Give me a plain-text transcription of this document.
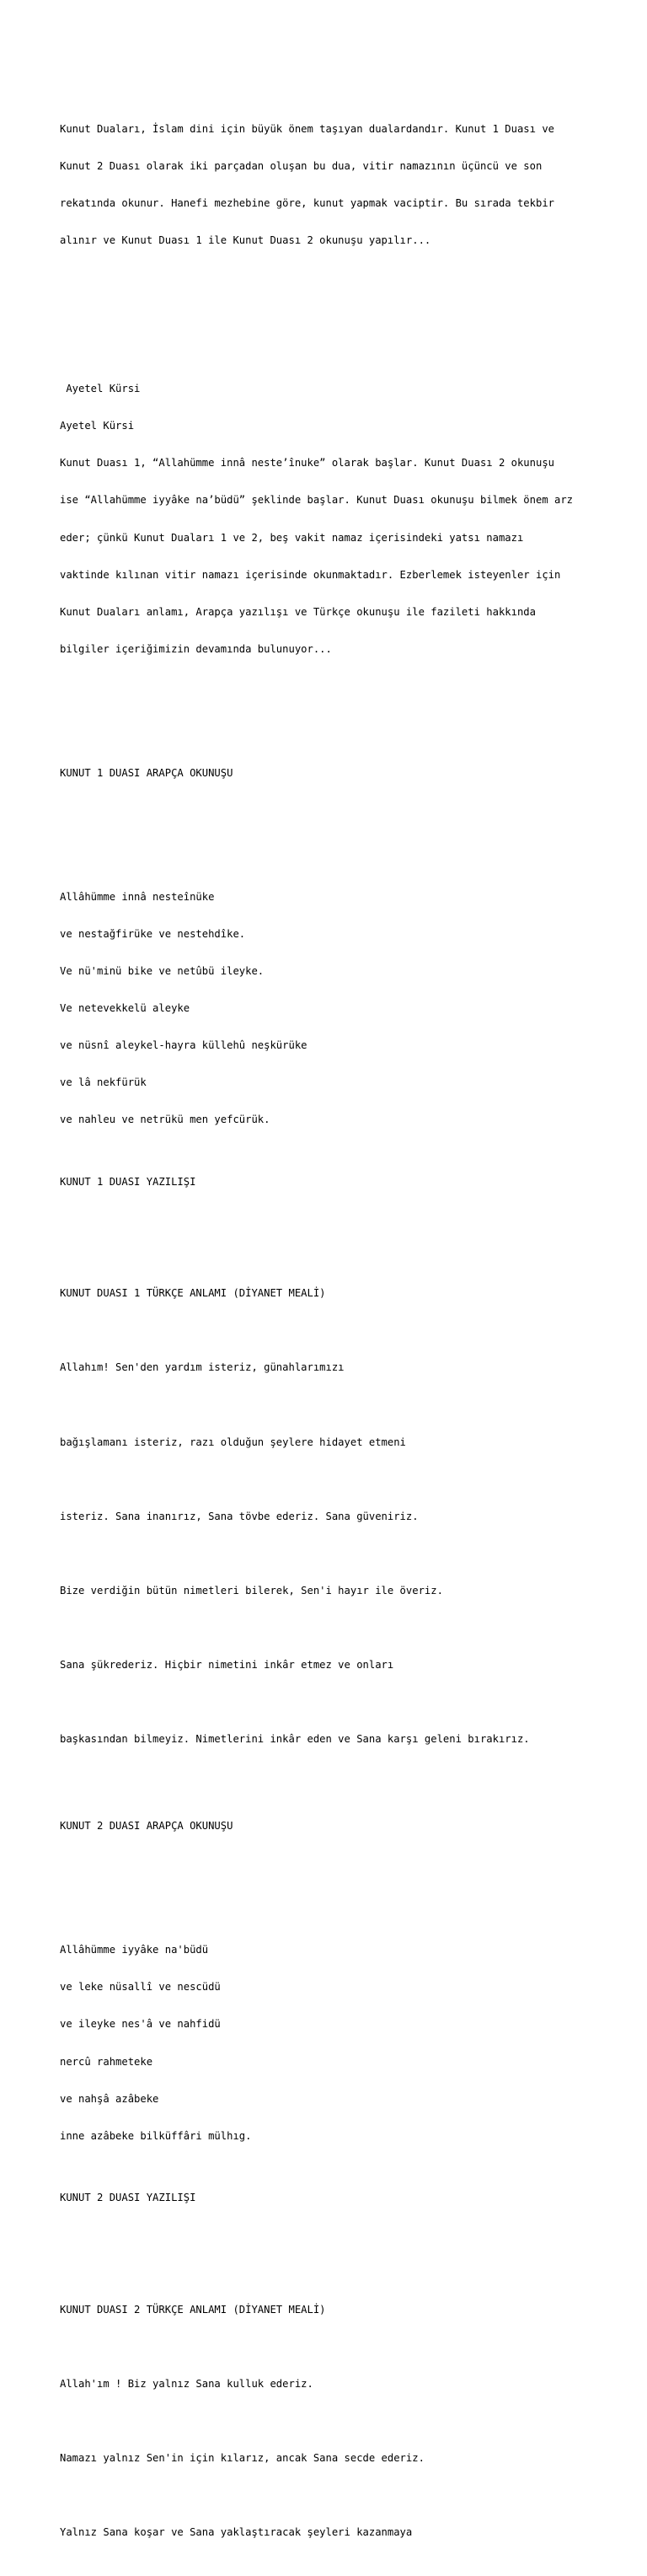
Kunut Duaları, İslam dini için büyük önem taşıyan dualardandır. Kunut 1 Duası ve

Kunut 2 Duası olarak iki parçadan oluşan bu dua, vitir namazının üçüncü ve son

rekatında okunur. Hanefi mezhebine göre, kunut yapmak vaciptir. Bu sırada tekbir

alınır ve Kunut Duası 1 ile Kunut Duası 2 okunuşu yapılır...

Ayetel Kürsi

Ayetel Kürsi

Kunut Duası 1, “Allahümme innâ neste’înuke” olarak başlar. Kunut Duası 2 okunuşu

ise “Allahümme iyyâke na’büdü” şeklinde başlar. Kunut Duası okunuşu bilmek önem arz

eder; çünkü Kunut Duaları 1 ve 2, beş vakit namaz içerisindeki yatsı namazı

vaktinde kılınan vitir namazı içerisinde okunmaktadır. Ezberlemek isteyenler için

Kunut Duaları anlamı, Arapça yazılışı ve Türkçe okunuşu ile fazileti hakkında

bilgiler içeriğimizin devamında bulunuyor...

KUNUT 1 DUASI ARAPÇA OKUNUŞU

Allâhümme innâ nesteînüke

ve nestağfirüke ve nestehdîke.

Ve nü'minü bike ve netûbü ileyke.

Ve netevekkelü aleyke

ve nüsnî aleykel-hayra küllehû neşkürüke

ve lâ nekfürük

ve nahleu ve netrükü men yefcürük.

KUNUT 1 DUASI YAZILIŞI

KUNUT DUASI 1 TÜRKÇE ANLAMI (DİYANET MEALİ)

Allahım! Sen'den yardım isteriz, günahlarımızı

bağışlamanı isteriz, razı olduğun şeylere hidayet etmeni

isteriz. Sana inanırız, Sana tövbe ederiz. Sana güveniriz.

Bize verdiğin bütün nimetleri bilerek, Sen'i hayır ile överiz.

Sana şükrederiz. Hiçbir nimetini inkâr etmez ve onları

başkasından bilmeyiz. Nimetlerini inkâr eden ve Sana karşı geleni bırakırız.

KUNUT 2 DUASI ARAPÇA OKUNUŞU

Allâhümme iyyâke na'büdü

ve leke nüsallî ve nescüdü

ve ileyke nes'â ve nahfidü

nercû rahmeteke

ve nahşâ azâbeke

inne azâbeke bilküffâri mülhıg.

KUNUT 2 DUASI YAZILIŞI

KUNUT DUASI 2 TÜRKÇE ANLAMI (DİYANET MEALİ)

Allah'ım ! Biz yalnız Sana kulluk ederiz.

Namazı yalnız Sen'in için kılarız, ancak Sana secde ederiz.

Yalnız Sana koşar ve Sana yaklaştıracak şeyleri kazanmaya
